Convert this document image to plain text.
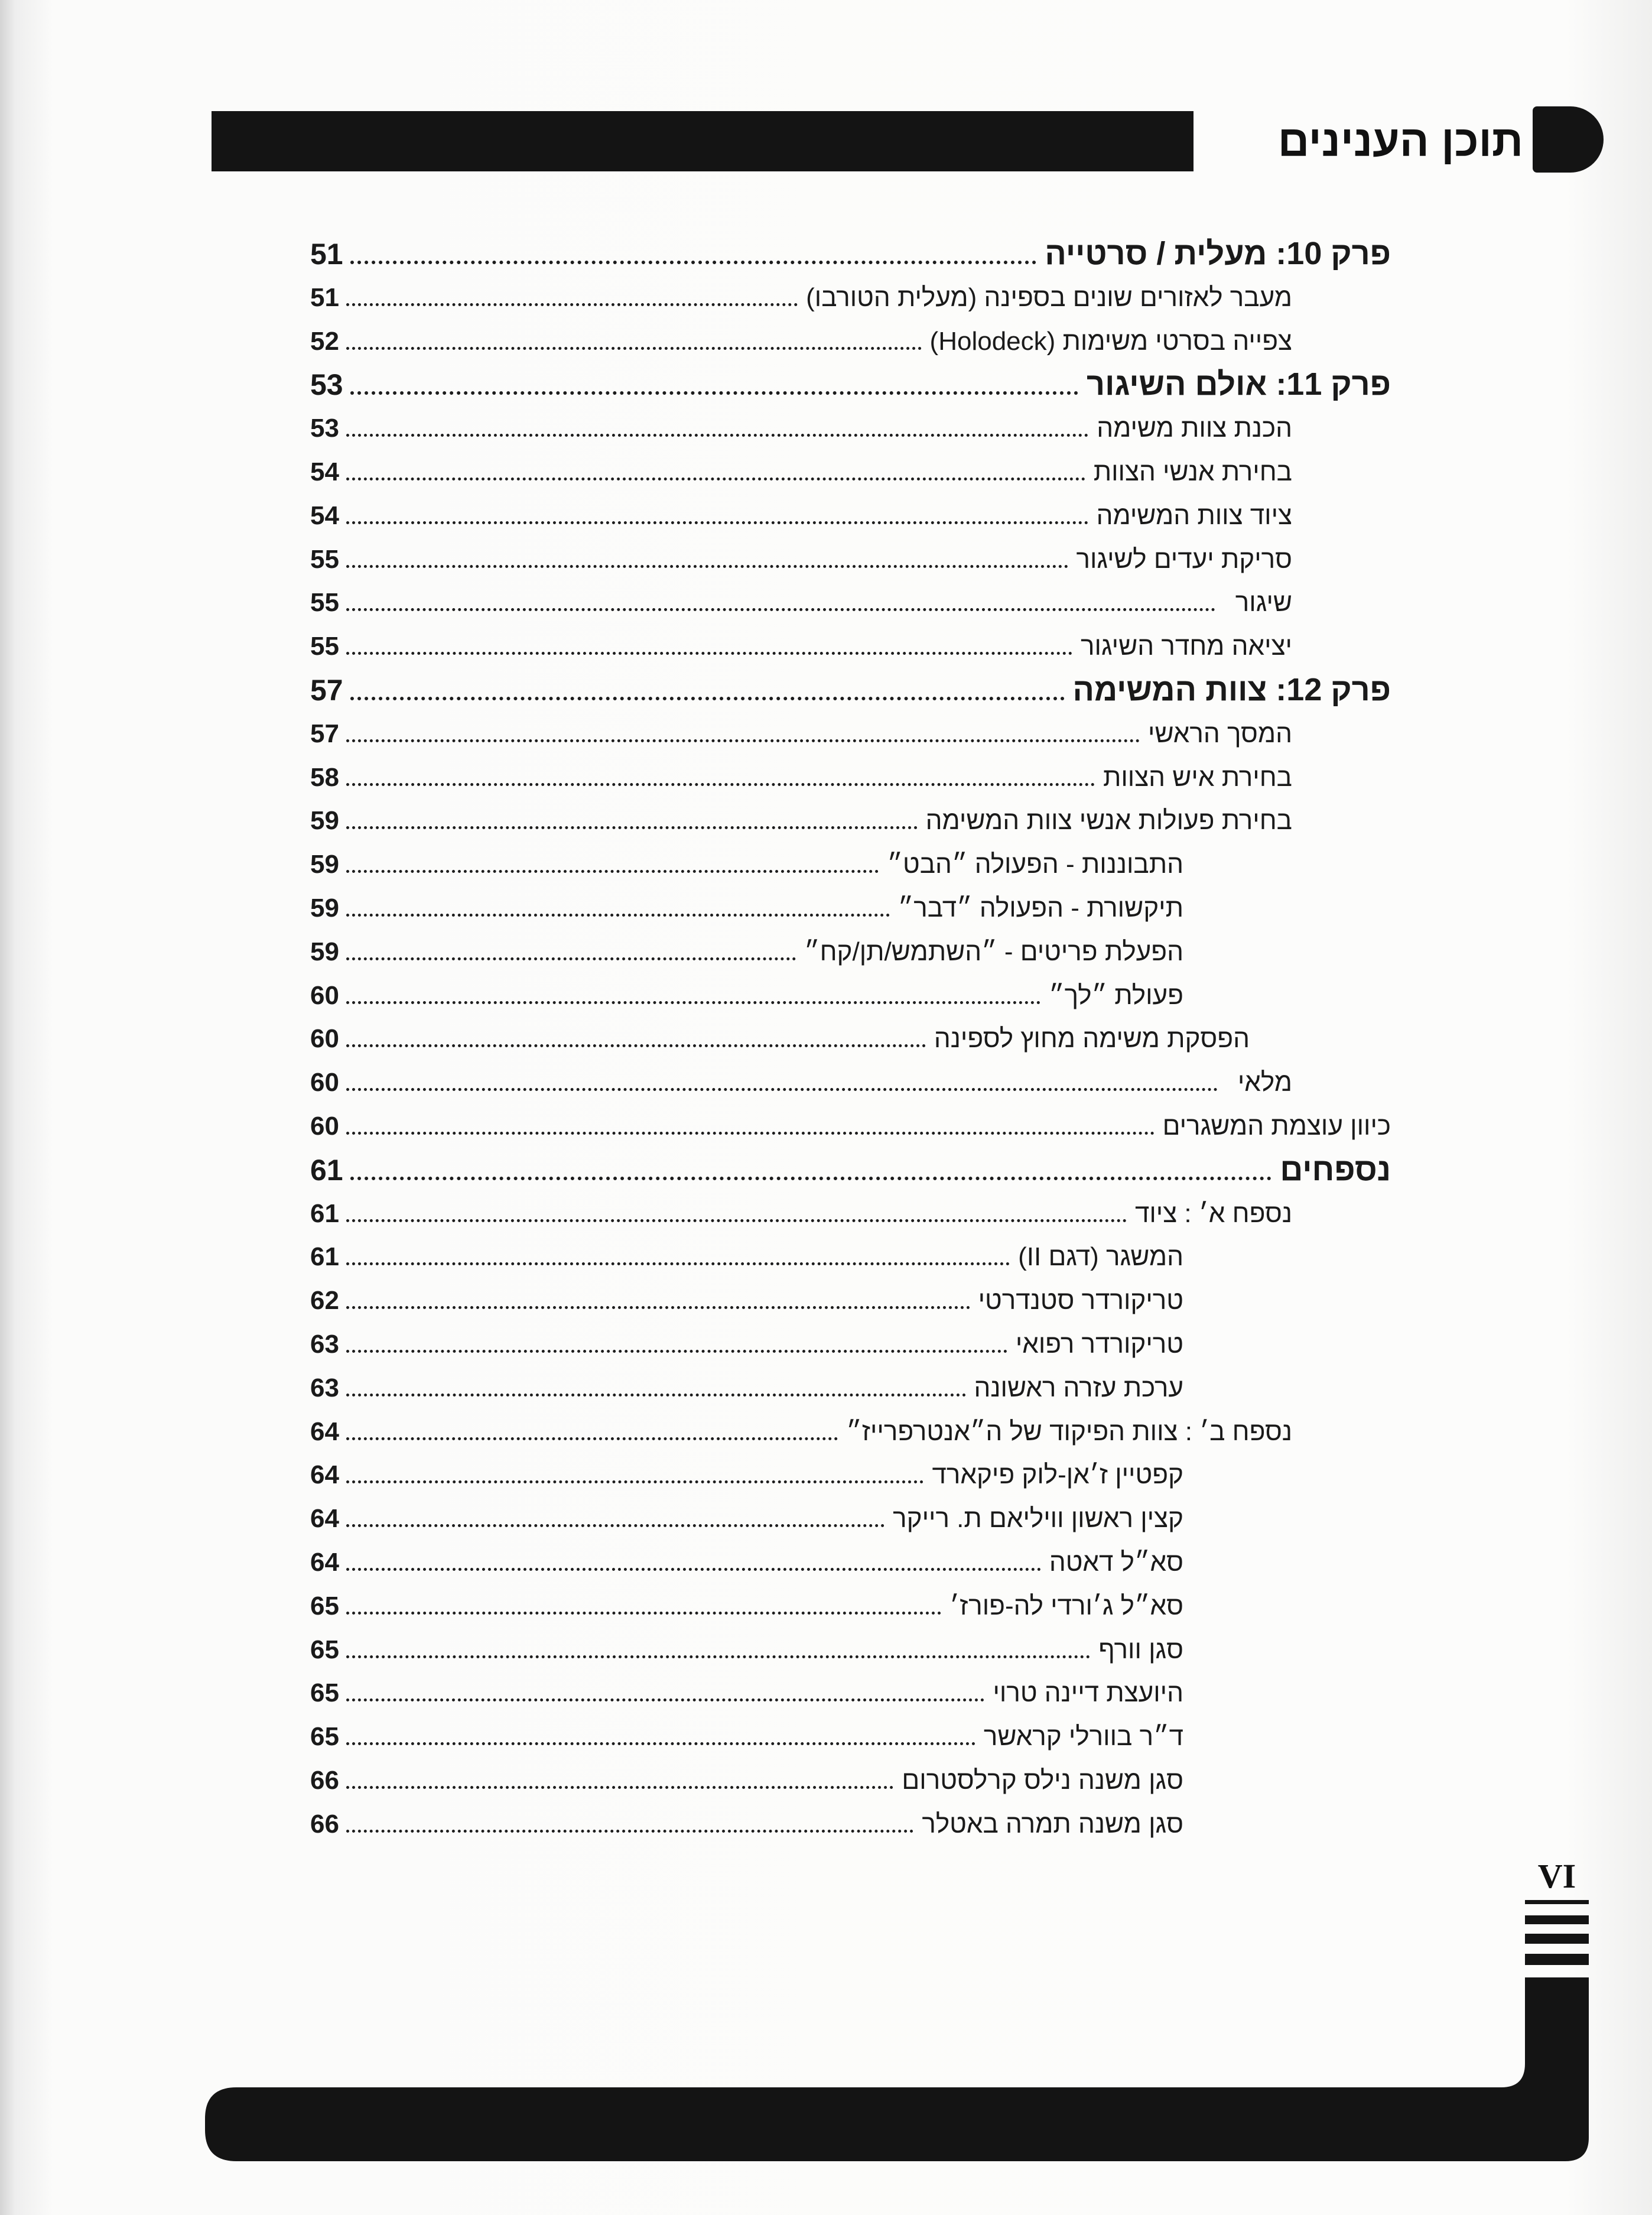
תוכן הענינים
פרק 10: מעלית / סרטייה
51
מעבר לאזורים שונים בספינה (מעלית הטורבו)
51
צפייה בסרטי משימות (Holodeck)
52
פרק 11: אולם השיגור
53
הכנת צוות משימה
53
בחירת אנשי הצוות
54
ציוד צוות המשימה
54
סריקת יעדים לשיגור
55
שיגור
55
יציאה מחדר השיגור
55
פרק 12: צוות המשימה
57
המסך הראשי
57
בחירת איש הצוות
58
בחירת פעולות אנשי צוות המשימה
59
התבוננות - הפעולה ״הבט״
59
תיקשורת - הפעולה ״דבר״
59
הפעלת פריטים - ״השתמש/תן/קח״
59
פעולת ״לך״
60
הפסקת משימה מחוץ לספינה
60
מלאי
60
כיוון עוצמת המשגרים
60
נספחים
61
נספח א׳ : ציוד
61
המשגר (דגם II)
61
טריקורדר סטנדרטי
62
טריקורדר רפואי
63
ערכת עזרה ראשונה
63
נספח ב׳ : צוות הפיקוד של ה״אנטרפרייז״
64
קפטיין ז׳אן-לוק פיקארד
64
קצין ראשון וויליאם ת. רייקר
64
סא״ל דאטה
64
סא״ל ג׳ורדי לה-פורז׳
65
סגן וורף
65
היועצת דיינה טרוי
65
ד״ר בוורלי קראשר
65
סגן משנה נילס קרלסטרום
66
סגן משנה תמרה באטלר
66
VI
